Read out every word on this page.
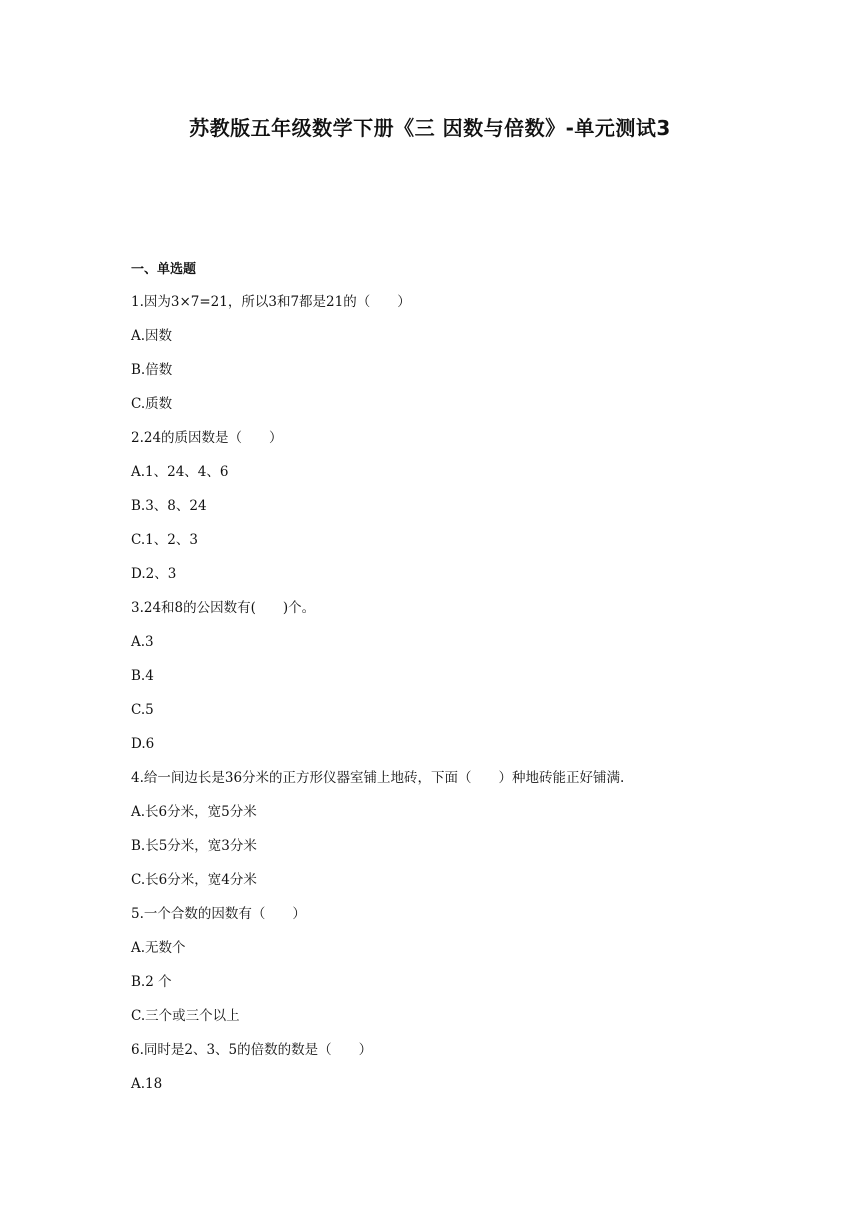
苏教版五年级数学下册《三 因数与倍数》-单元测试3
一、单选题
1.因为3×7=21，所以3和7都是21的（　　）
A.因数
B.倍数
C.质数
2.24的质因数是（　　）
A.1、24、4、6
B.3、8、24
C.1、2、3
D.2、3
3.24和8的公因数有(　　)个。
A.3
B.4
C.5
D.6
4.给一间边长是36分米的正方形仪器室铺上地砖，下面（　　）种地砖能正好铺满.
A.长6分米，宽5分米
B.长5分米，宽3分米
C.长6分米，宽4分米
5.一个合数的因数有（　　）
A.无数个
B.2 个
C.三个或三个以上
6.同时是2、3、5的倍数的数是（　　）
A.18
